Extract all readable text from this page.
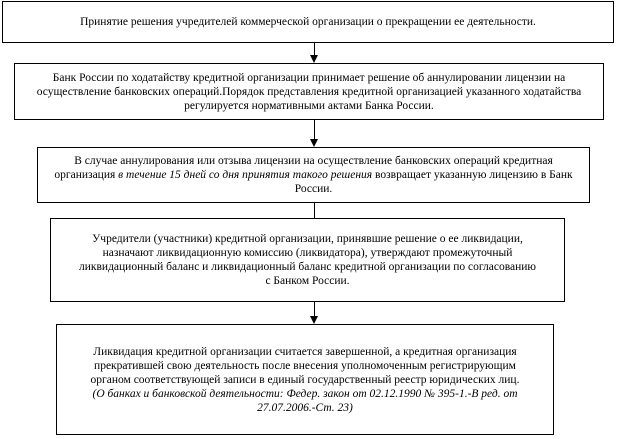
Принятие решения учредителей коммерческой организации о прекращении ее деятельности.
Банк России по ходатайству кредитной организации принимает решение об аннулировании лицензии на осуществление банковских операций.Порядок представления кредитной организацией указанного ходатайства регулируется нормативными актами Банка России.
В случае аннулирования или отзыва лицензии на осуществление банковских операций кредитная организация в течение 15 дней со дня принятия такого решения возвращает указанную лицензию в Банк России.
Учредители (участники) кредитной организации, принявшие решение о ее ликвидации, назначают ликвидационную комиссию (ликвидатора), утверждают промежуточный ликвидационный баланс и ликвидационный баланс кредитной организации по согласованию с Банком России.
Ликвидация кредитной организации считается завершенной, а кредитная организация прекратившей свою деятельность после внесения уполномоченным регистрирующим органом соответствующей записи в единый государственный реестр юридических лиц.
(О банках и банковской деятельности: Федер. закон от 02.12.1990 № 395-1.-В ред. от 27.07.2006.-Ст. 23)
